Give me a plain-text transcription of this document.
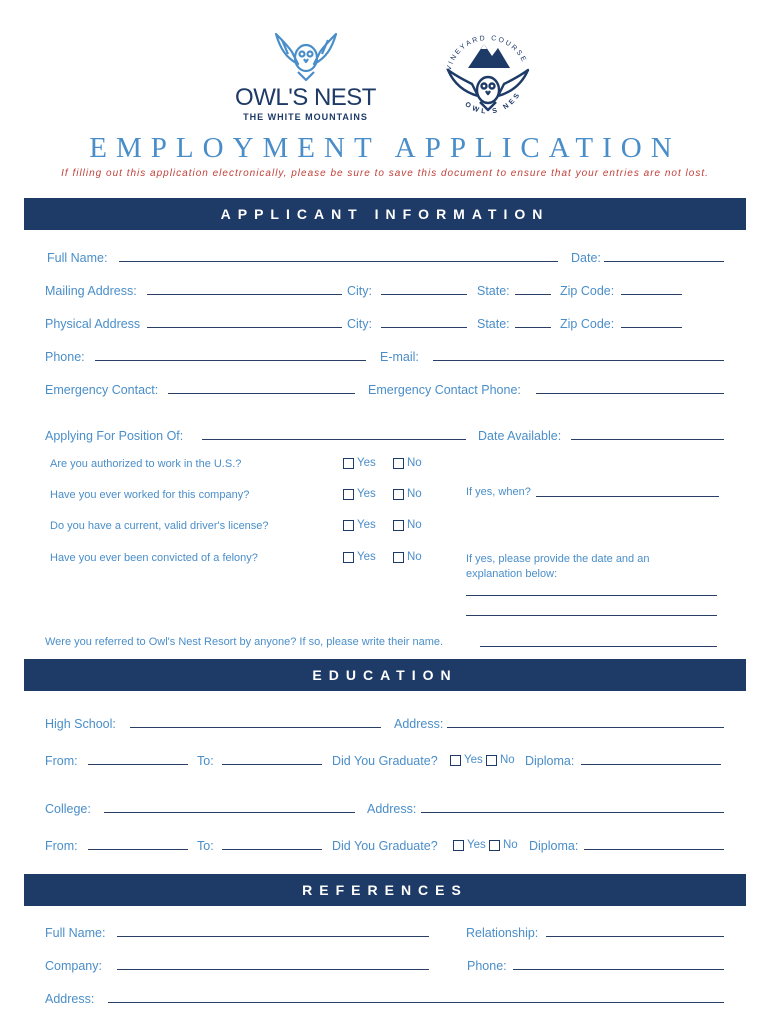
OWL'S NEST
THE WHITE MOUNTAINS
VINEYARD COURSE
OWL'S NES
EMPLOYMENT APPLICATION
If filling out this application electronically, please be sure to save this document to ensure that your entries are not lost.
APPLICANT INFORMATION
Full Name:	Date:
Mailing Address:	City:	State:	Zip Code:
Physical Address	City:	State:	Zip Code:
Phone:	E-mail:
Emergency Contact:	Emergency Contact Phone:
Applying For Position Of:	Date Available:
Are you authorized to work in the U.S.?	Yes	No
Have you ever worked for this company?	Yes	No	If yes, when?
Do you have a current, valid driver's license?	Yes	No
Have you ever been convicted of a felony?	Yes	No	If yes, please provide the date and an
explanation below:
Were you referred to Owl's Nest Resort by anyone? If so, please write their name.
EDUCATION
High School:	Address:
From:	To:	Did You Graduate? Yes No Diploma:
College:	Address:
From:	To:	Did You Graduate?	Yes No Diploma:
REFERENCES
Full Name:	Relationship:
Company:	Phone:
Address:
